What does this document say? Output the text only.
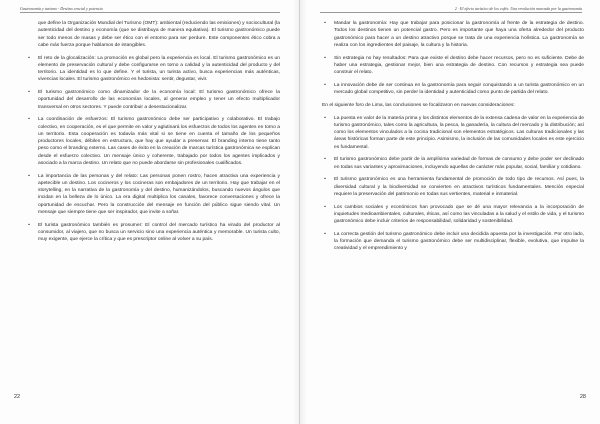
Gastronomía y turismo - Destino crucial y potencia

que define la Organización Mundial del Turismo (OMT): ambiental (reduciendo las emisiones) y sociocultural (la autenticidad del destino y economía (que se distribuya de manera equitativa). El turismo gastronómico puede ser todo menos de masas y debe ser ético con el entorno para ser perdure. Este componentes ético cobra a cabe más fuerza porque hablamos de intangibles.

•	El reto de la glocalización: La promoción es global pero la experiencia es local. El turismo gastronómico es un elemento de preservación cultural y debe configurarse en torno a calidad y la autenticidad del producto y del territorio. La identidad es lo que define. Y el turista, un turista activo, busca experiencias más auténticas, vivencias locales. El turismo gastronómico es hedonista: sentir, degustar, vivir.
•	El turismo gastronómico como dinamizador de la economía local: El turismo gastronómico ofrece la oportunidad del desarrollo de las economías locales, al generar empleo y tener un efecto multiplicador transversal en otros sectores. Y puede contribuir a desestacionalizar.
•	La coordinación de esfuerzos: El turismo gastronómico debe ser participativo y colaborativo. El trabajo colectivo, en cooperación, es el que permite en valor y aglutinará los esfuerzos de todos los agentes en torno a un territorio. Esta cooperación es todavía más vital si se tiene en cuenta el tamaño de los pequeños productores locales, débiles en estructura, que hay que ayudar a preservar. El branding interno tiene tanto peso como el branding externo. Las cases de éxito en la creación de marcas turística gastronómica se explican desde el esfuerzo colectivo. Un mensaje único y coherente, trabajado por todos los agentes implicados y asociado a la marca destino. Un relato que no puede abordarse sin profesionales cualificados.
•	La importancia de las personas y del relato: Las personas ponen rostro, hacen atractiva una experiencia y apetecible un destino. Los cocineros y los cocineras son embajadores de un territorio. Hay que trabajar en el storytelling, en la narrativa de la gastronomía y del destino, humanizándolos, buscando nuevos ángulos que incidan en la belleza de lo único. La era digital multiplica los canales, favorece conversaciones y ofrece la oportunidad de escuchar. Pero la construcción del mensaje en función del público sigue siendo vital. Un mensaje que siempre tiene que ser inspirador, que invite a soñar.
•	El turista gastronómico también es prosumer: El control del mercado turístico ha virado del productor al consumidor, al viajero, que no busca un servicio sino una experiencia auténtica y memorable. Un turista culto, muy exigente, que ejerce la crítica y que es prescriptor online al volver a su país.
22
2 · El efecto turístico de los cafés: Una revolución marcada por la gastronomía
•	Mandar la gastronomía: Hay que trabajar para posicionar la gastronomía al frente de la estrategia de destino. Todos los destinos tienen un potencial gastro. Pero es importante que haya una oferta alrededor del producto gastronómico para hacer a un destino atractivo porque se trata de una experiencia holística. La gastronomía se realiza con los ingredientes del paisaje, la cultura y la historia.
•	Sin estrategia no hay resultados: Para que existe el destino debe hacer recursos, pero no es suficiente. Debe de haber una estrategia, gestionar mejor, bien una estrategia de destino. Con recursos y estrategia sea puede construir el relato.
•	La innovación debe de ser continua en la gastronomía para seguir conquistando a un turista gastronómico en un mercado global competitivo, sin perder la identidad y autenticidad como punto de partida del relato.

En el siguiente foro de Lima, las conclusiones se focalizaron en nuevas consideraciones:

•	La puesta en valor de la materia prima y los distintos elementos de la extensa cadena de valor en la experiencia de turismo gastronómico, tales como la agricultura, la pesca, la ganadería, la cultura del mercado y la distribución; así como los elementos vinculados a la cocina tradicional son elementos estratégicos. Las culturas tradicionales y las áreas históricas forman parte de este principio. Asimismo, la inclusión de las comunidades locales es este ejercicio es fundamental.
•	El turismo gastronómico debe partir de la amplísima variedad de formas de consumo y debe poder ser declinado en todas sus variantes y aproximaciones, incluyendo aquellas de carácter más popular, social, familiar y cotidiano.
•	El turismo gastronómico es una herramienta fundamental de promoción de todo tipo de recursos. Así pues, la diversidad cultural y la biodiversidad se convierten en atractivos turísticos fundamentales. Mención especial requiere la preservación del patrimonio en todas sus vertientes, material e inmaterial.
•	Los cambios sociales y económicos han provocado que se dé una mayor relevancia a la incorporación de inquietudes medioambientales, culturales, éticas, así como las vinculadas a la salud y el estilo de vida, y el turismo gastronómico debe incluir criterios de responsabilidad, solidaridad y sostenibilidad.
•	La correcta gestión del turismo gastronómico debe incluir una decidida apuesta por la investigación. Por otro lado, la formación que demanda el turismo gastronómico debe ser multidisciplinar, flexible, evolutiva, que impulse la creatividad y el emprendimiento y
28
